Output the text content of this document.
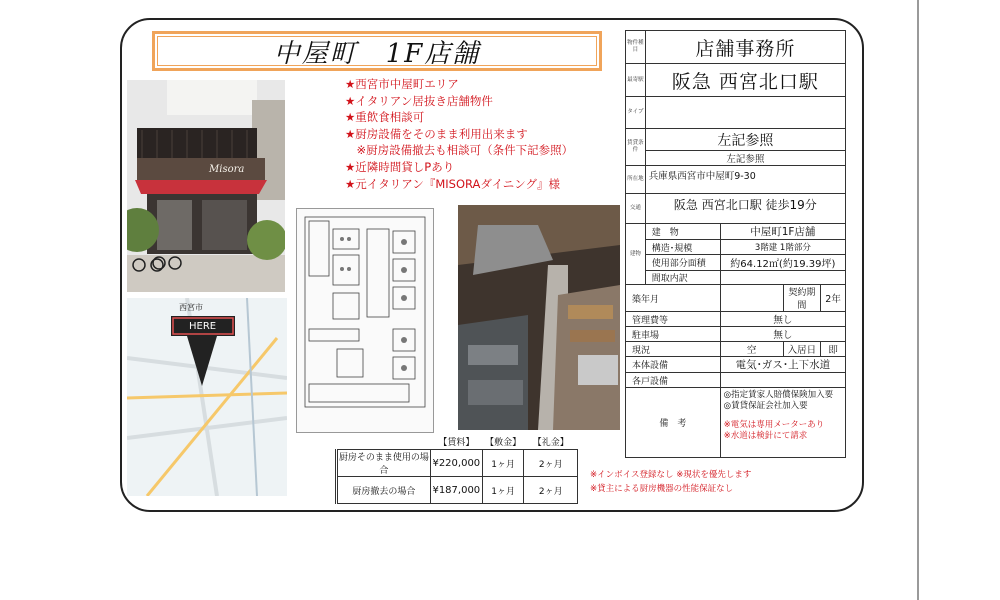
中屋町　1F店舗
Misora
★西宮市中屋町エリア
★イタリアン居抜き店舗物件
★重飲食相談可
★厨房設備をそのまま利用出来ます
　※厨房設備撤去も相談可（条件下記参照）
★近隣時間貸しPあり
★元イタリアン『MISORAダイニング』様
西宮市
HERE
	【賃料】	【敷金】	【礼金】
厨房そのまま使用の場合	¥220,000	1ヶ月	2ヶ月
厨房撤去の場合	¥187,000	1ヶ月	2ヶ月
※インボイス登録なし ※現状を優先します
※貸主による厨房機器の性能保証なし
物件種目	店舗事務所			
最寄駅	阪急 西宮北口駅			
タイプ				
賃貸条件	左記参照			
	左記参照			
所在地	兵庫県西宮市中屋町9-30			
交通	阪急 西宮北口駅 徒歩19分			
建物	建　物	中屋町1F店舗		
	構造･規模	3階建 1階部分		
	使用部分面積	約64.12㎡(約19.39坪)		
	間取内訳			
築年月			契約期間	2年
管理費等		無し		
駐車場		無し		
現況		空	入居日	即
本体設備		電気･ガス･上下水道		
各戸設備				
備　考		◎指定賃家人賠償保険加入要
◎賃貸保証会社加入要
※電気は専用メーターあり
※水道は検針にて請求		
